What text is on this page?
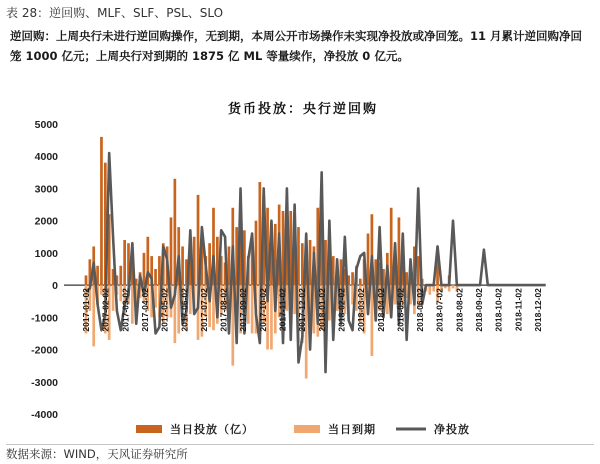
表 28：逆回购、MLF、SLF、PSL、SLO
逆回购：上周央行未进行逆回购操作，无到期，本周公开市场操作未实现净投放或净回笼。11 月累计逆回购净回笼 1000 亿元；上周央行对到期的 1875 亿 ML 等量续作，净投放 0 亿元。
货币投放：央行逆回购
5000
4000
3000
2000
1000
0
-1000
-2000
-3000
-4000
2017-01-02 2017-02-02 2017-03-02 2017-04-02 2017-05-02 2017-06-02 2017-07-02 2017-08-02 2017-09-02 2017-10-02 2017-11-02 2017-12-02 2018-01-02 2018-02-02 2018-03-02 2018-04-02 2018-05-02 2018-06-02 2018-07-02 2018-08-02 2018-09-02 2018-10-02 2018-11-02 2018-12-02
当日投放（亿）	当日到期	净投放
数据来源：WIND，天风证券研究所
